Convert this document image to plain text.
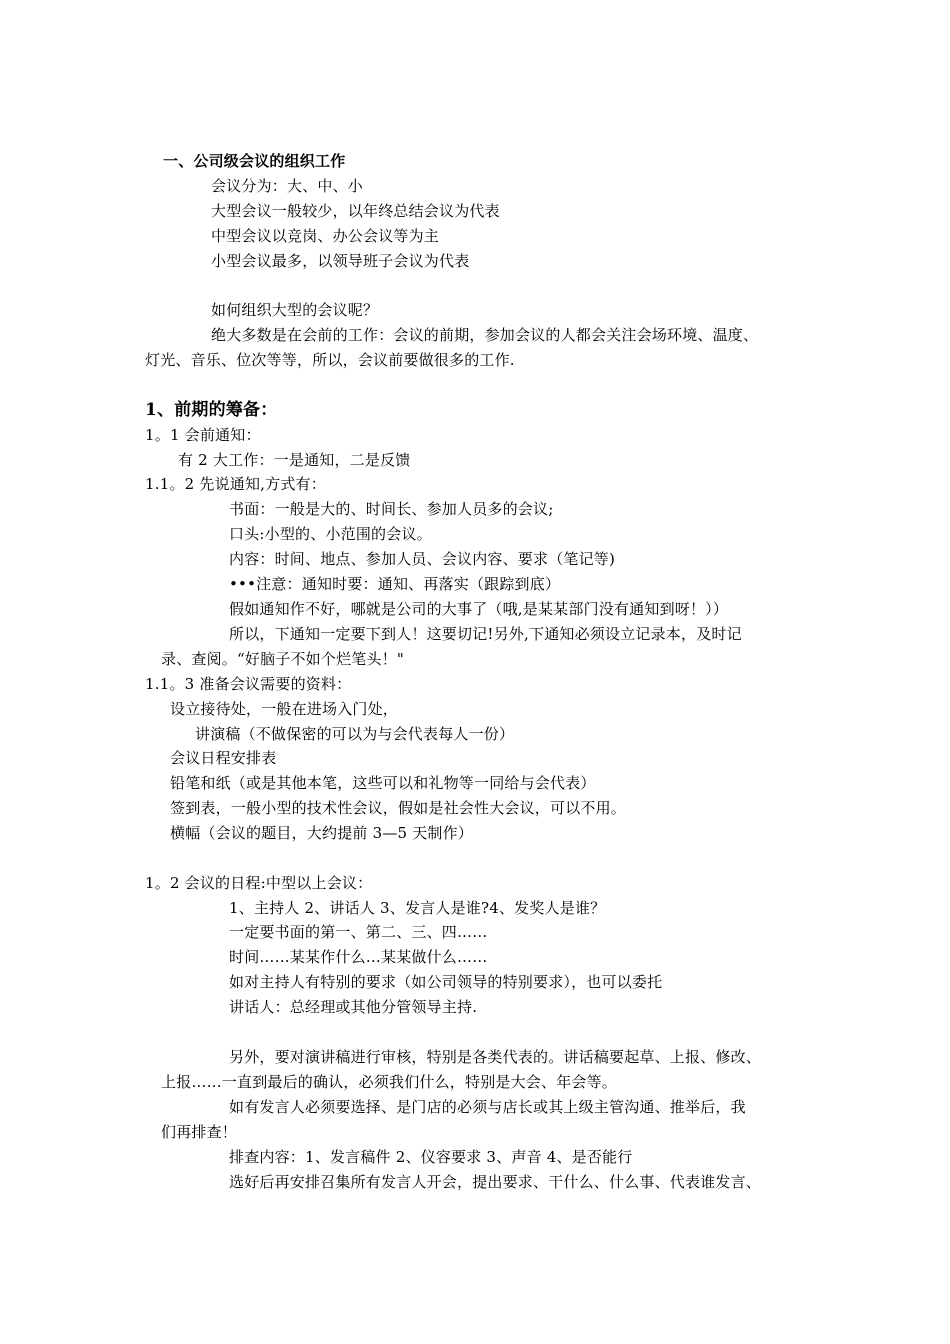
一、公司级会议的组织工作
会议分为：大、中、小
大型会议一般较少，以年终总结会议为代表
中型会议以竞岗、办公会议等为主
小型会议最多，以领导班子会议为代表
如何组织大型的会议呢？
绝大多数是在会前的工作：会议的前期，参加会议的人都会关注会场环境、温度、
灯光、音乐、位次等等，所以，会议前要做很多的工作.
1、前期的筹备：
1。1 会前通知：
有 2 大工作：一是通知，二是反馈
1.1。2 先说通知,方式有：
书面：一般是大的、时间长、参加人员多的会议;
口头:小型的、小范围的会议。
内容：时间、地点、参加人员、会议内容、要求（笔记等)
•••注意：通知时要：通知、再落实（跟踪到底）
假如通知作不好，哪就是公司的大事了（哦,是某某部门没有通知到呀！））
所以，下通知一定要下到人！这要切记!另外,下通知必须设立记录本，及时记
录、查阅。“好脑子不如个烂笔头！"
1.1。3 准备会议需要的资料：
设立接待处，一般在进场入门处，
讲演稿（不做保密的可以为与会代表每人一份）
会议日程安排表
铅笔和纸（或是其他本笔，这些可以和礼物等一同给与会代表）
签到表，一般小型的技术性会议，假如是社会性大会议，可以不用。
横幅（会议的题目，大约提前 3—5 天制作）
1。2 会议的日程:中型以上会议：
1、主持人 2、讲话人 3、发言人是谁?4、发奖人是谁？
一定要书面的第一、第二、三、四……
时间……某某作什么…某某做什么……
如对主持人有特别的要求（如公司领导的特别要求），也可以委托
讲话人：总经理或其他分管领导主持.
另外，要对演讲稿进行审核，特别是各类代表的。讲话稿要起草、上报、修改、
上报……一直到最后的确认，必须我们什么，特别是大会、年会等。
如有发言人必须要选择、是门店的必须与店长或其上级主管沟通、推举后，我
们再排查！
排查内容：1、发言稿件 2、仪容要求 3、声音 4、是否能行
选好后再安排召集所有发言人开会，提出要求、干什么、什么事、代表谁发言、
